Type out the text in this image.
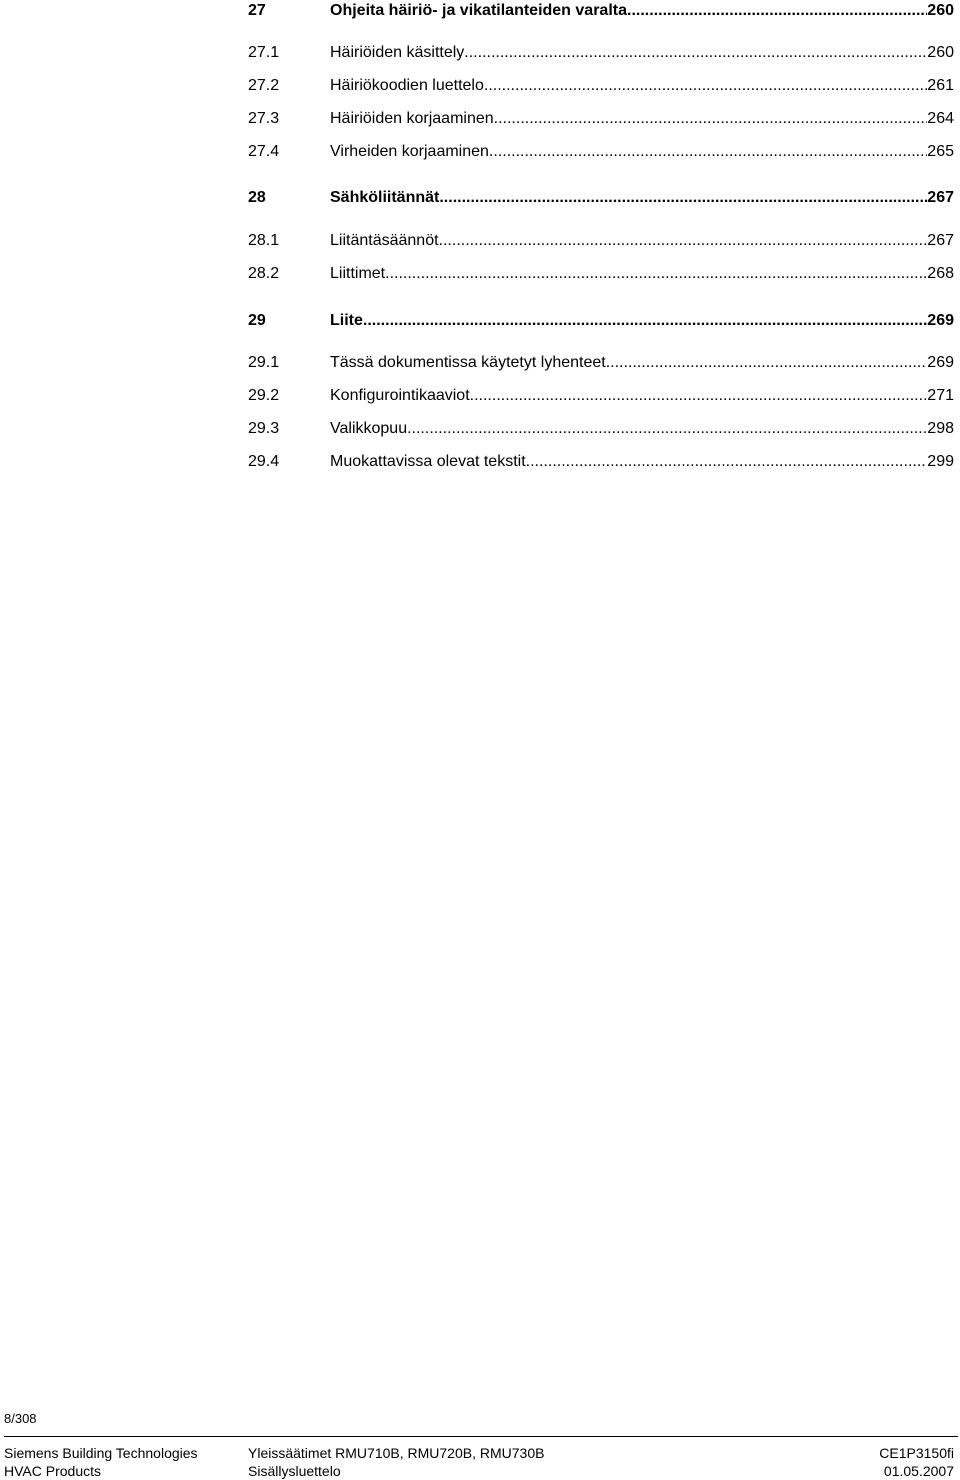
27	Ohjeita häiriö- ja vikatilanteiden varalta .....	260
27.1	Häiriöiden käsittely .....	260
27.2	Häiriökoodien luettelo .....	261
27.3	Häiriöiden korjaaminen .....	264
27.4	Virheiden korjaaminen .....	265
28	Sähköliitännät .....	267
28.1	Liitäntäsäännöt .....	267
28.2	Liittimet .....	268
29	Liite .....	269
29.1	Tässä dokumentissa käytetyt lyhenteet .....	269
29.2	Konfigurointikaaviot .....	271
29.3	Valikkopuu .....	298
29.4	Muokattavissa olevat tekstit .....	299
8/308
Siemens Building Technologies
HVAC Products
Yleissäätimet RMU710B, RMU720B, RMU730B
Sisällysluettelo
CE1P3150fi
01.05.2007
